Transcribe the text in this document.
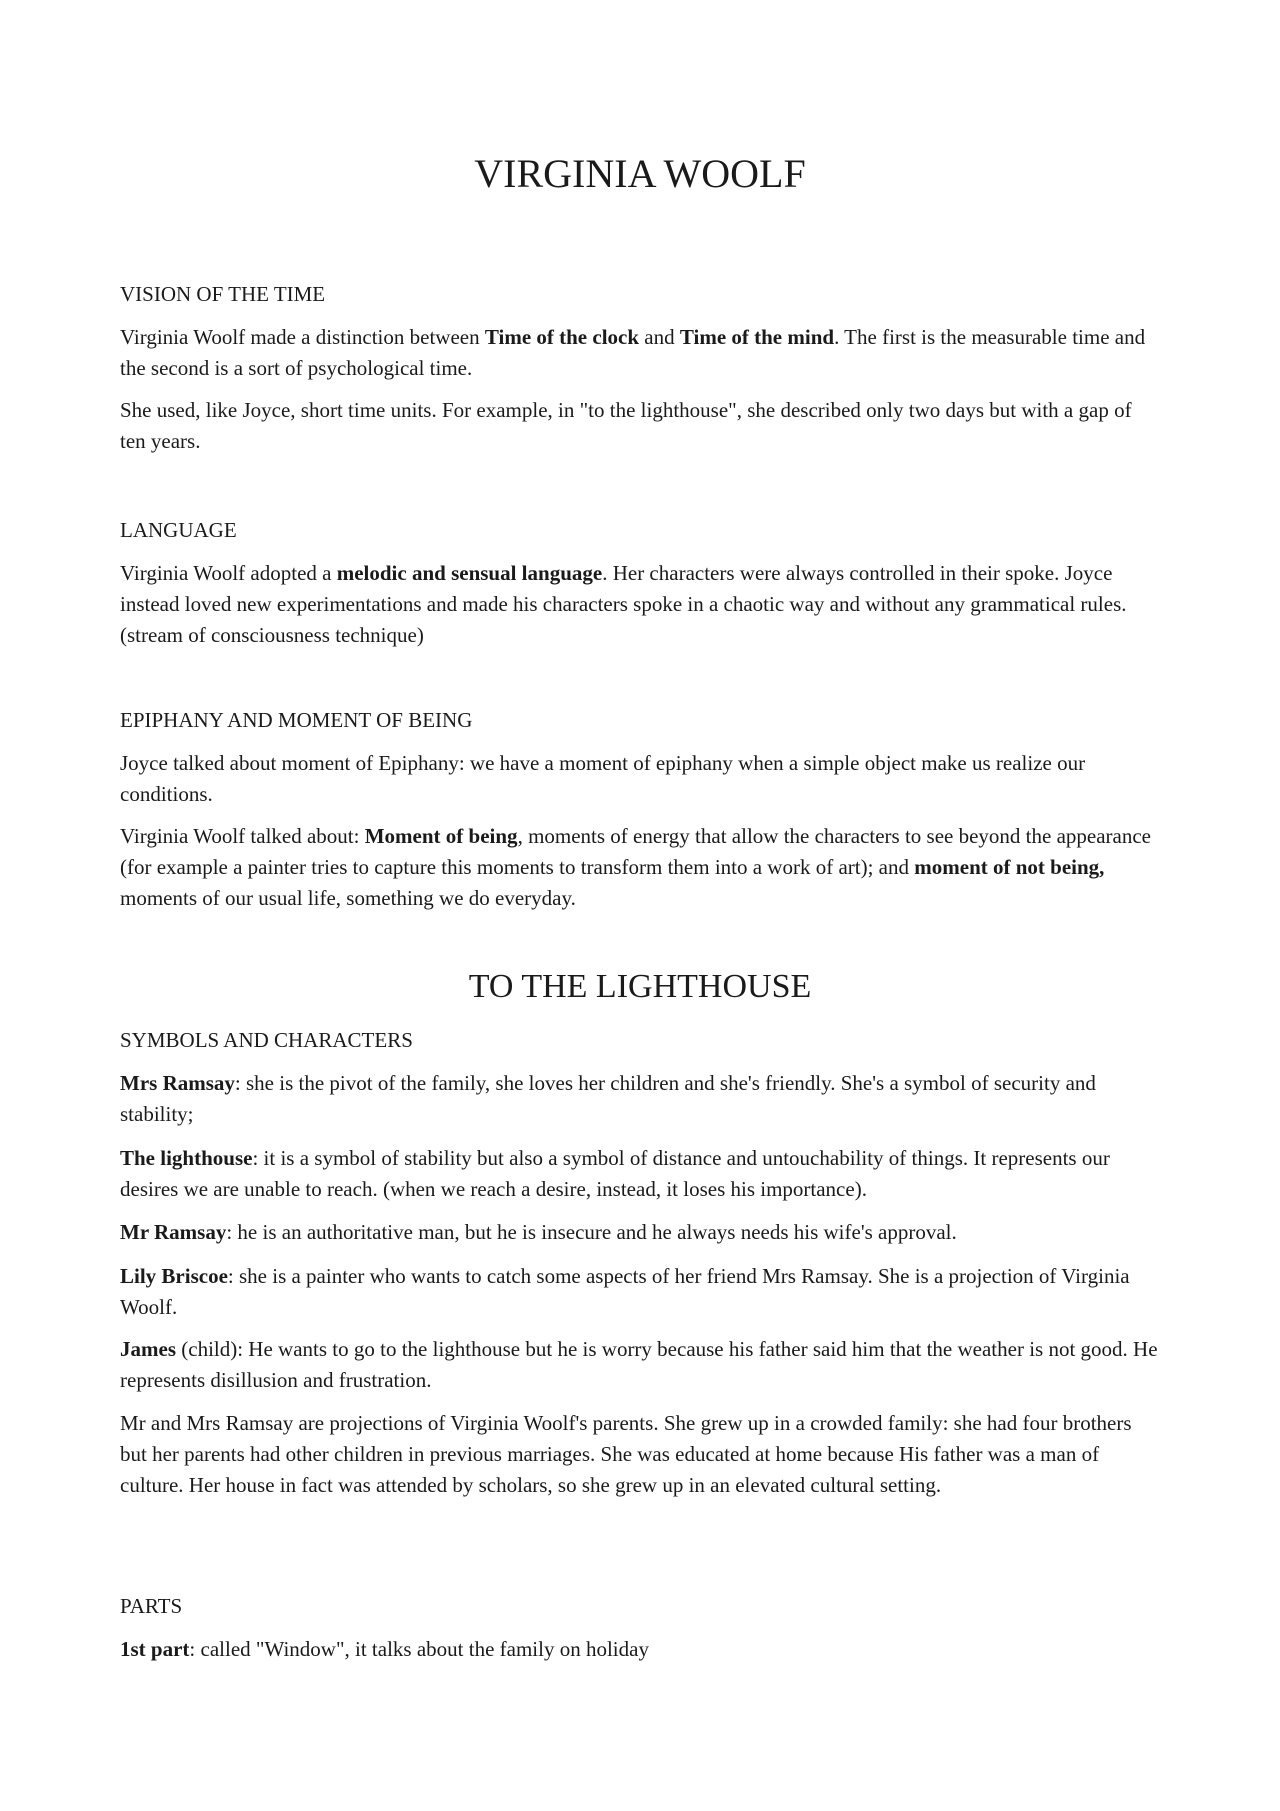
VIRGINIA WOOLF
VISION OF THE TIME

Virginia Woolf made a distinction between Time of the clock and Time of the mind. The first is the measurable time and the second is a sort of psychological time.

She used, like Joyce, short time units. For example, in "to the lighthouse", she described only two days but with a gap of ten years.

LANGUAGE

Virginia Woolf adopted a melodic and sensual language. Her characters were always controlled in their spoke. Joyce instead loved new experimentations and made his characters spoke in a chaotic way and without any grammatical rules. (stream of consciousness technique)

EPIPHANY AND MOMENT OF BEING

Joyce talked about moment of Epiphany: we have a moment of epiphany when a simple object make us realize our conditions.

Virginia Woolf talked about: Moment of being, moments of energy that allow the characters to see beyond the appearance (for example a painter tries to capture this moments to transform them into a work of art); and moment of not being, moments of our usual life, something we do everyday.

TO THE LIGHTHOUSE
SYMBOLS AND CHARACTERS

Mrs Ramsay: she is the pivot of the family, she loves her children and she's friendly. She's a symbol of security and stability;

The lighthouse: it is a symbol of stability but also a symbol of distance and untouchability of things. It represents our desires we are unable to reach. (when we reach a desire, instead, it loses his importance).

Mr Ramsay: he is an authoritative man, but he is insecure and he always needs his wife's approval.

Lily Briscoe: she is a painter who wants to catch some aspects of her friend Mrs Ramsay. She is a projection of Virginia Woolf.

James (child): He wants to go to the lighthouse but he is worry because his father said him that the weather is not good. He represents disillusion and frustration.

Mr and Mrs Ramsay are projections of Virginia Woolf's parents. She grew up in a crowded family: she had four brothers but her parents had other children in previous marriages. She was educated at home because His father was a man of culture. Her house in fact was attended by scholars, so she grew up in an elevated cultural setting.

PARTS

1st part: called "Window", it talks about the family on holiday
